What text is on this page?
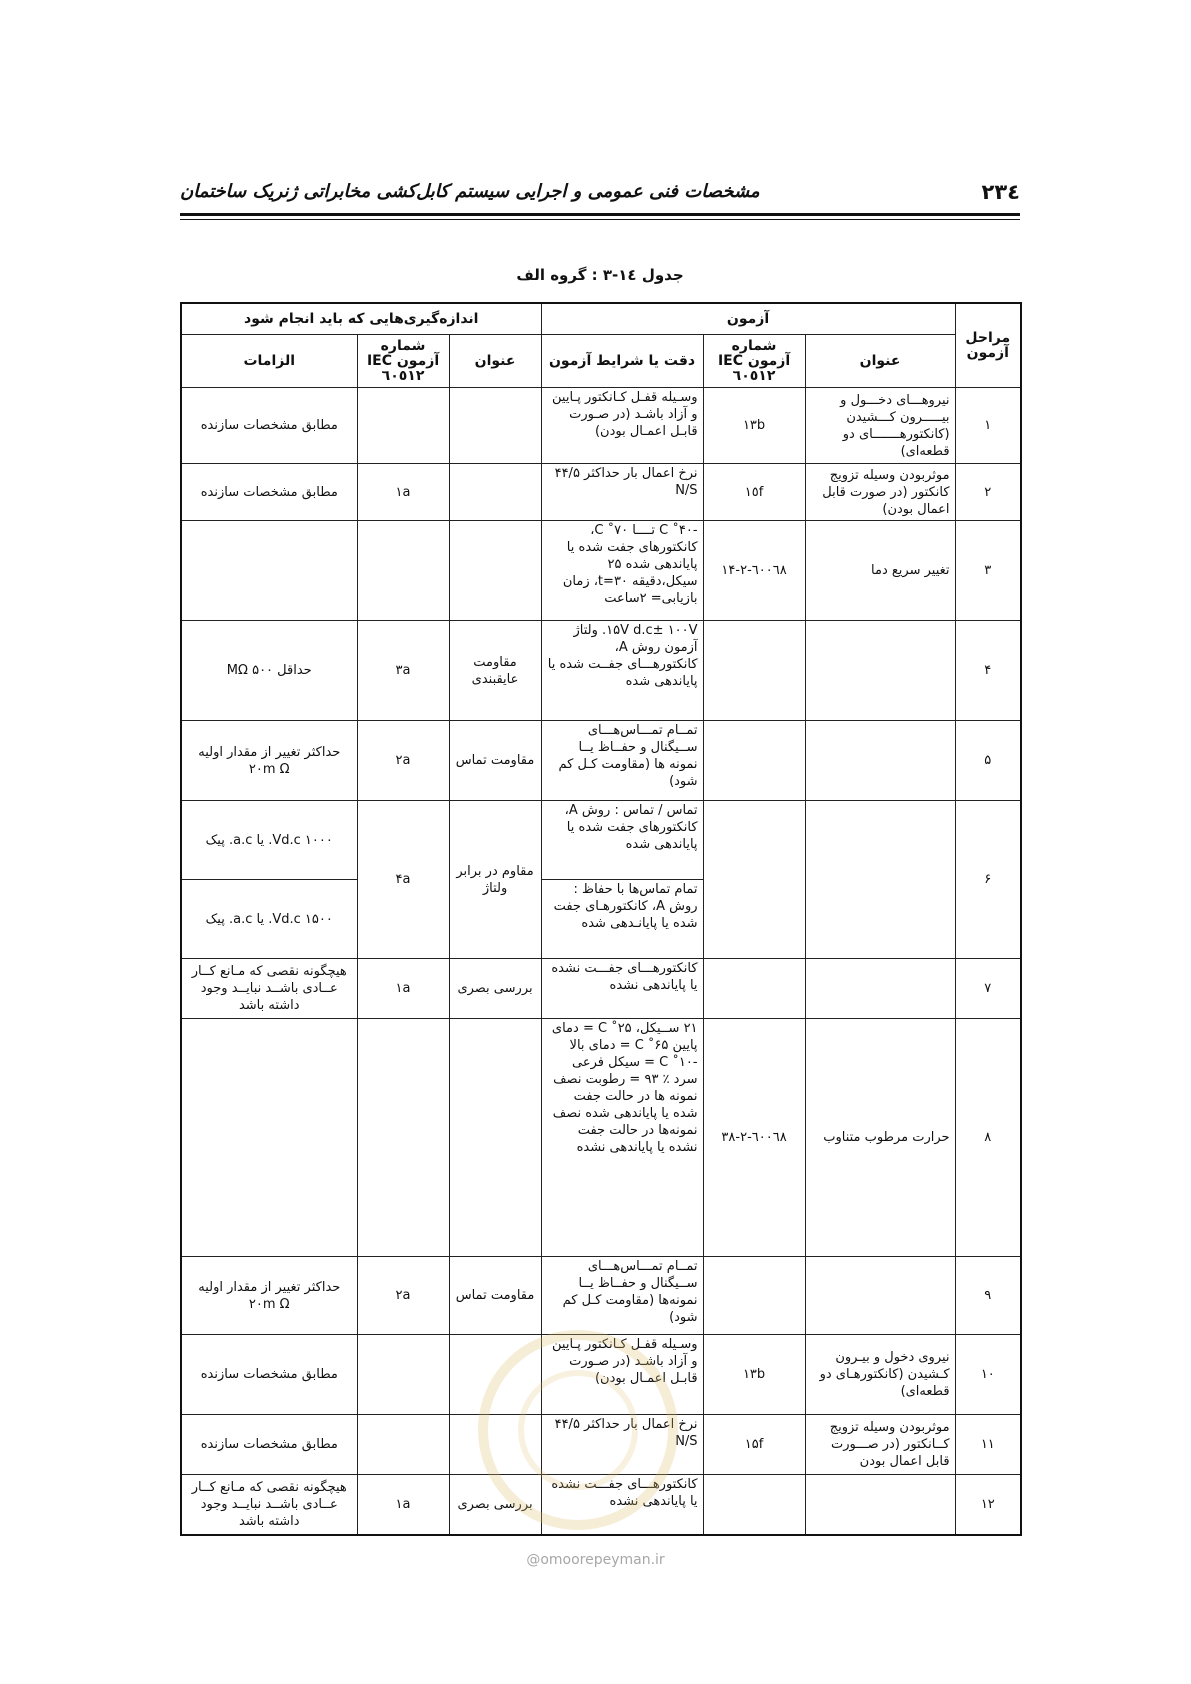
۲۳٤
مشخصات فنی عمومی و اجرایی سیستم کابل‌کشی مخابراتی ژنریک ساختمان
جدول ١٤-٣ : گروه الف
مراحل آزمون	آزمون			اندازه‌گیری‌هایی که باید انجام شود		
	عنوان	شماره آزمون IEC ٦٠٥١٢	دقت یا شرایط آزمون	عنوان	شماره آزمون IEC ٦٠٥١٢	الزامات
١	نیروهـــای دخـــول و بیـــــرون کـــشیدن (کانکتورهـــــــای دو قطعه‌ای)	١٣b	وسـیله قفـل کـانکتور پـایین و آزاد باشـد (در صـورت قابـل اعمـال بودن)			مطابق مشخصات سازنده
٢	موثربودن وسیله تزویج کانکتور (در صورت قابل اعمال بودن)	١٥f	نرخ اعمال بار حداکثر ۴۴/۵ N/S		١a	مطابق مشخصات سازنده
٣	تغییر سریع دما	٦٠٠٦٨-٢-١۴	-۴٠˚ C تــــا ٧٠˚ C، کانکتورهای جفت شده یا پایاندهی شده ٢۵ سیکل،دقیقه ٣٠=t، زمان بازیابی= ٢ساعت			
۴			١٠٠V ±١۵V d.c. ولتاژ آزمون روش A، کانکتورهـــای جفــت شده یا پایاندهی شده	مقاومت عایقبندی	٣a	حداقل ۵٠٠ MΩ
۵			تمــام تمـــاس‌هـــای ســیگنال و حفــاظ یــا نمونه ها (مقاومت کـل کم شود)	مقاومت تماس	٢a	حداکثر تغییر از مقدار اولیه ٢٠m Ω
۶			تماس / تماس : روش A، کانکتورهای جفت شده یا پایاندهی شده	مقاوم در برابر ولتاژ	۴a	١٠٠٠ Vd.c. یا a.c. پیک
			تمام تماس‌ها با حفاظ : روش A، کانکتورهـای جفت شده یا پایانـدهی شده			١۵٠٠ Vd.c. یا a.c. پیک
٧			کانکتورهـــای جفـــت نشده یا پایاندهی نشده	بررسی بصری	١a	هیچگونه نقصی که مـانع کــار عــادی باشــد نبایــد وجود داشته باشد
٨	حرارت مرطوب متناوب	٦٠٠٦٨-٢-٣٨	٢١ ســیکل، ٢۵˚ C = دمای پایین ۶۵˚ C = دمای بالا -١٠˚ C = سیکل فرعی سرد ٪ ٩٣ = رطوبت نصف نمونه ها در حالت جفت شده یا پایاندهی شده نصف نمونه‌ها در حالت جفت نشده یا پایاندهی نشده			
٩			تمــام تمـــاس‌هـــای ســیگنال و حفــاظ یــا نمونه‌ها (مقاومت کـل کم شود)	مقاومت تماس	٢a	حداکثر تغییر از مقدار اولیه ٢٠m Ω
١٠	نیروی دخول و بیـرون کـشیدن (کانکتورهـای دو قطعه‌ای)	١٣b	وسـیله قفـل کـانکتور پـایین و آزاد باشـد (در صـورت قابـل اعمـال بودن)			مطابق مشخصات سازنده
١١	موثربودن وسیله تزویج کــانکتور (در صـــورت قابل اعمال بودن	١۵f	نرخ اعمال بار حداکثر ۴۴/۵ N/S			مطابق مشخصات سازنده
١٢			کانکتورهـــای جفـــت نشده یا پایاندهی نشده	بررسی بصری	١a	هیچگونه نقصی که مـانع کــار عــادی باشــد نبایــد وجود داشته باشد
@omoorepeyman.ir
